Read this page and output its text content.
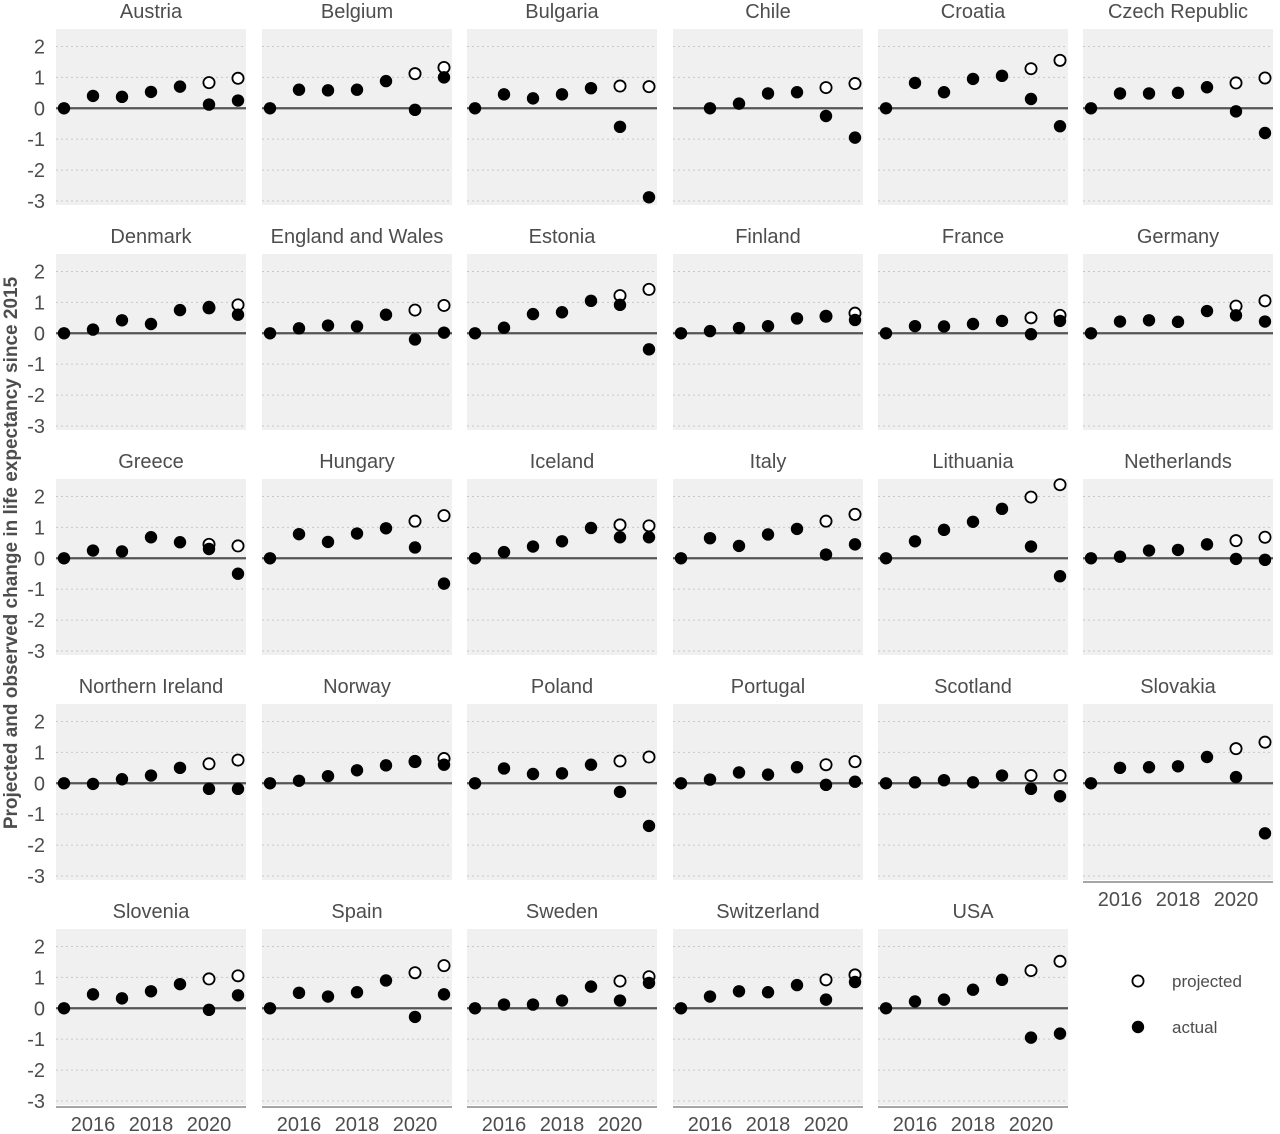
Austria
2
1
0
-1
-2
-3
Belgium	Bulgaria	Chile	Croatia	Czech Republic
Denmark
2
1
0
-1
-2
-3
England and Wales	Estonia	Finland	France	Germany
Greece
2
1
0
-1
-2
-3
Hungary	Iceland	Italy	Lithuania	Netherlands
Northern Ireland
2
1
0
-1
-2
-3
Norway	Poland	Portugal	Scotland	Slovakia
2016 2018 2020
Slovenia
2
1
0
-1
-2
-3
2016 2018 2020
Spain
2016 2018 2020
Sweden
2016 2018 2020
Switzerland
2016 2018 2020
USA
2016 2018 2020
Projected and observed change in life expectancy since 2015
projected
actual
